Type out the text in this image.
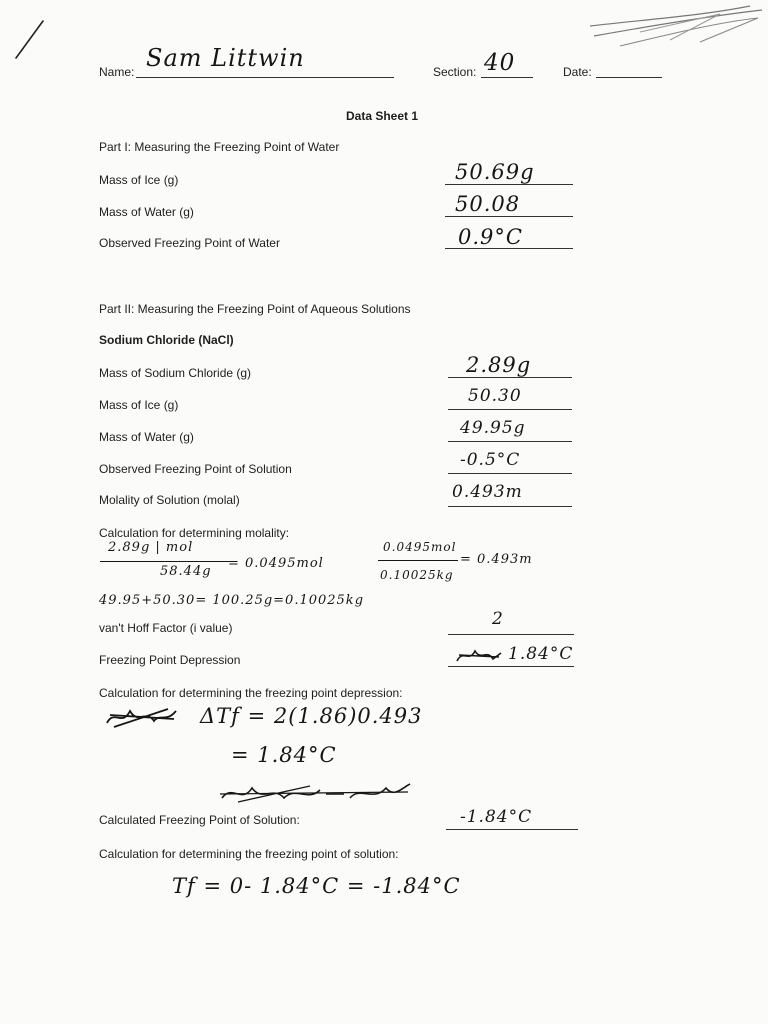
Name: Sam Littwin	Section: 40	Date:
Data Sheet 1
Part I: Measuring the Freezing Point of Water
Mass of Ice (g)	50.69g
Mass of Water (g)	50.08
Observed Freezing Point of Water	0.9°C
Part II: Measuring the Freezing Point of Aqueous Solutions
Sodium Chloride (NaCl)
Mass of Sodium Chloride (g)	2.89g
Mass of Ice (g)	50.30
Mass of Water (g)	49.95g
Observed Freezing Point of Solution	-0.5°C
Molality of Solution (molal)	0.493m
Calculation for determining molality:
2.89g | mol
58.44g
= 0.0495mol
0.0495mol
0.10025kg
= 0.493m
49.95+50.30= 100.25g=0.10025kg
van't Hoff Factor (i value)	2
Freezing Point Depression	1.84°C
Calculation for determining the freezing point depression:
ΔTf = 2(1.86)0.493
= 1.84°C
Calculated Freezing Point of Solution:	-1.84°C
Calculation for determining the freezing point of solution:
Tf = 0- 1.84°C = -1.84°C
